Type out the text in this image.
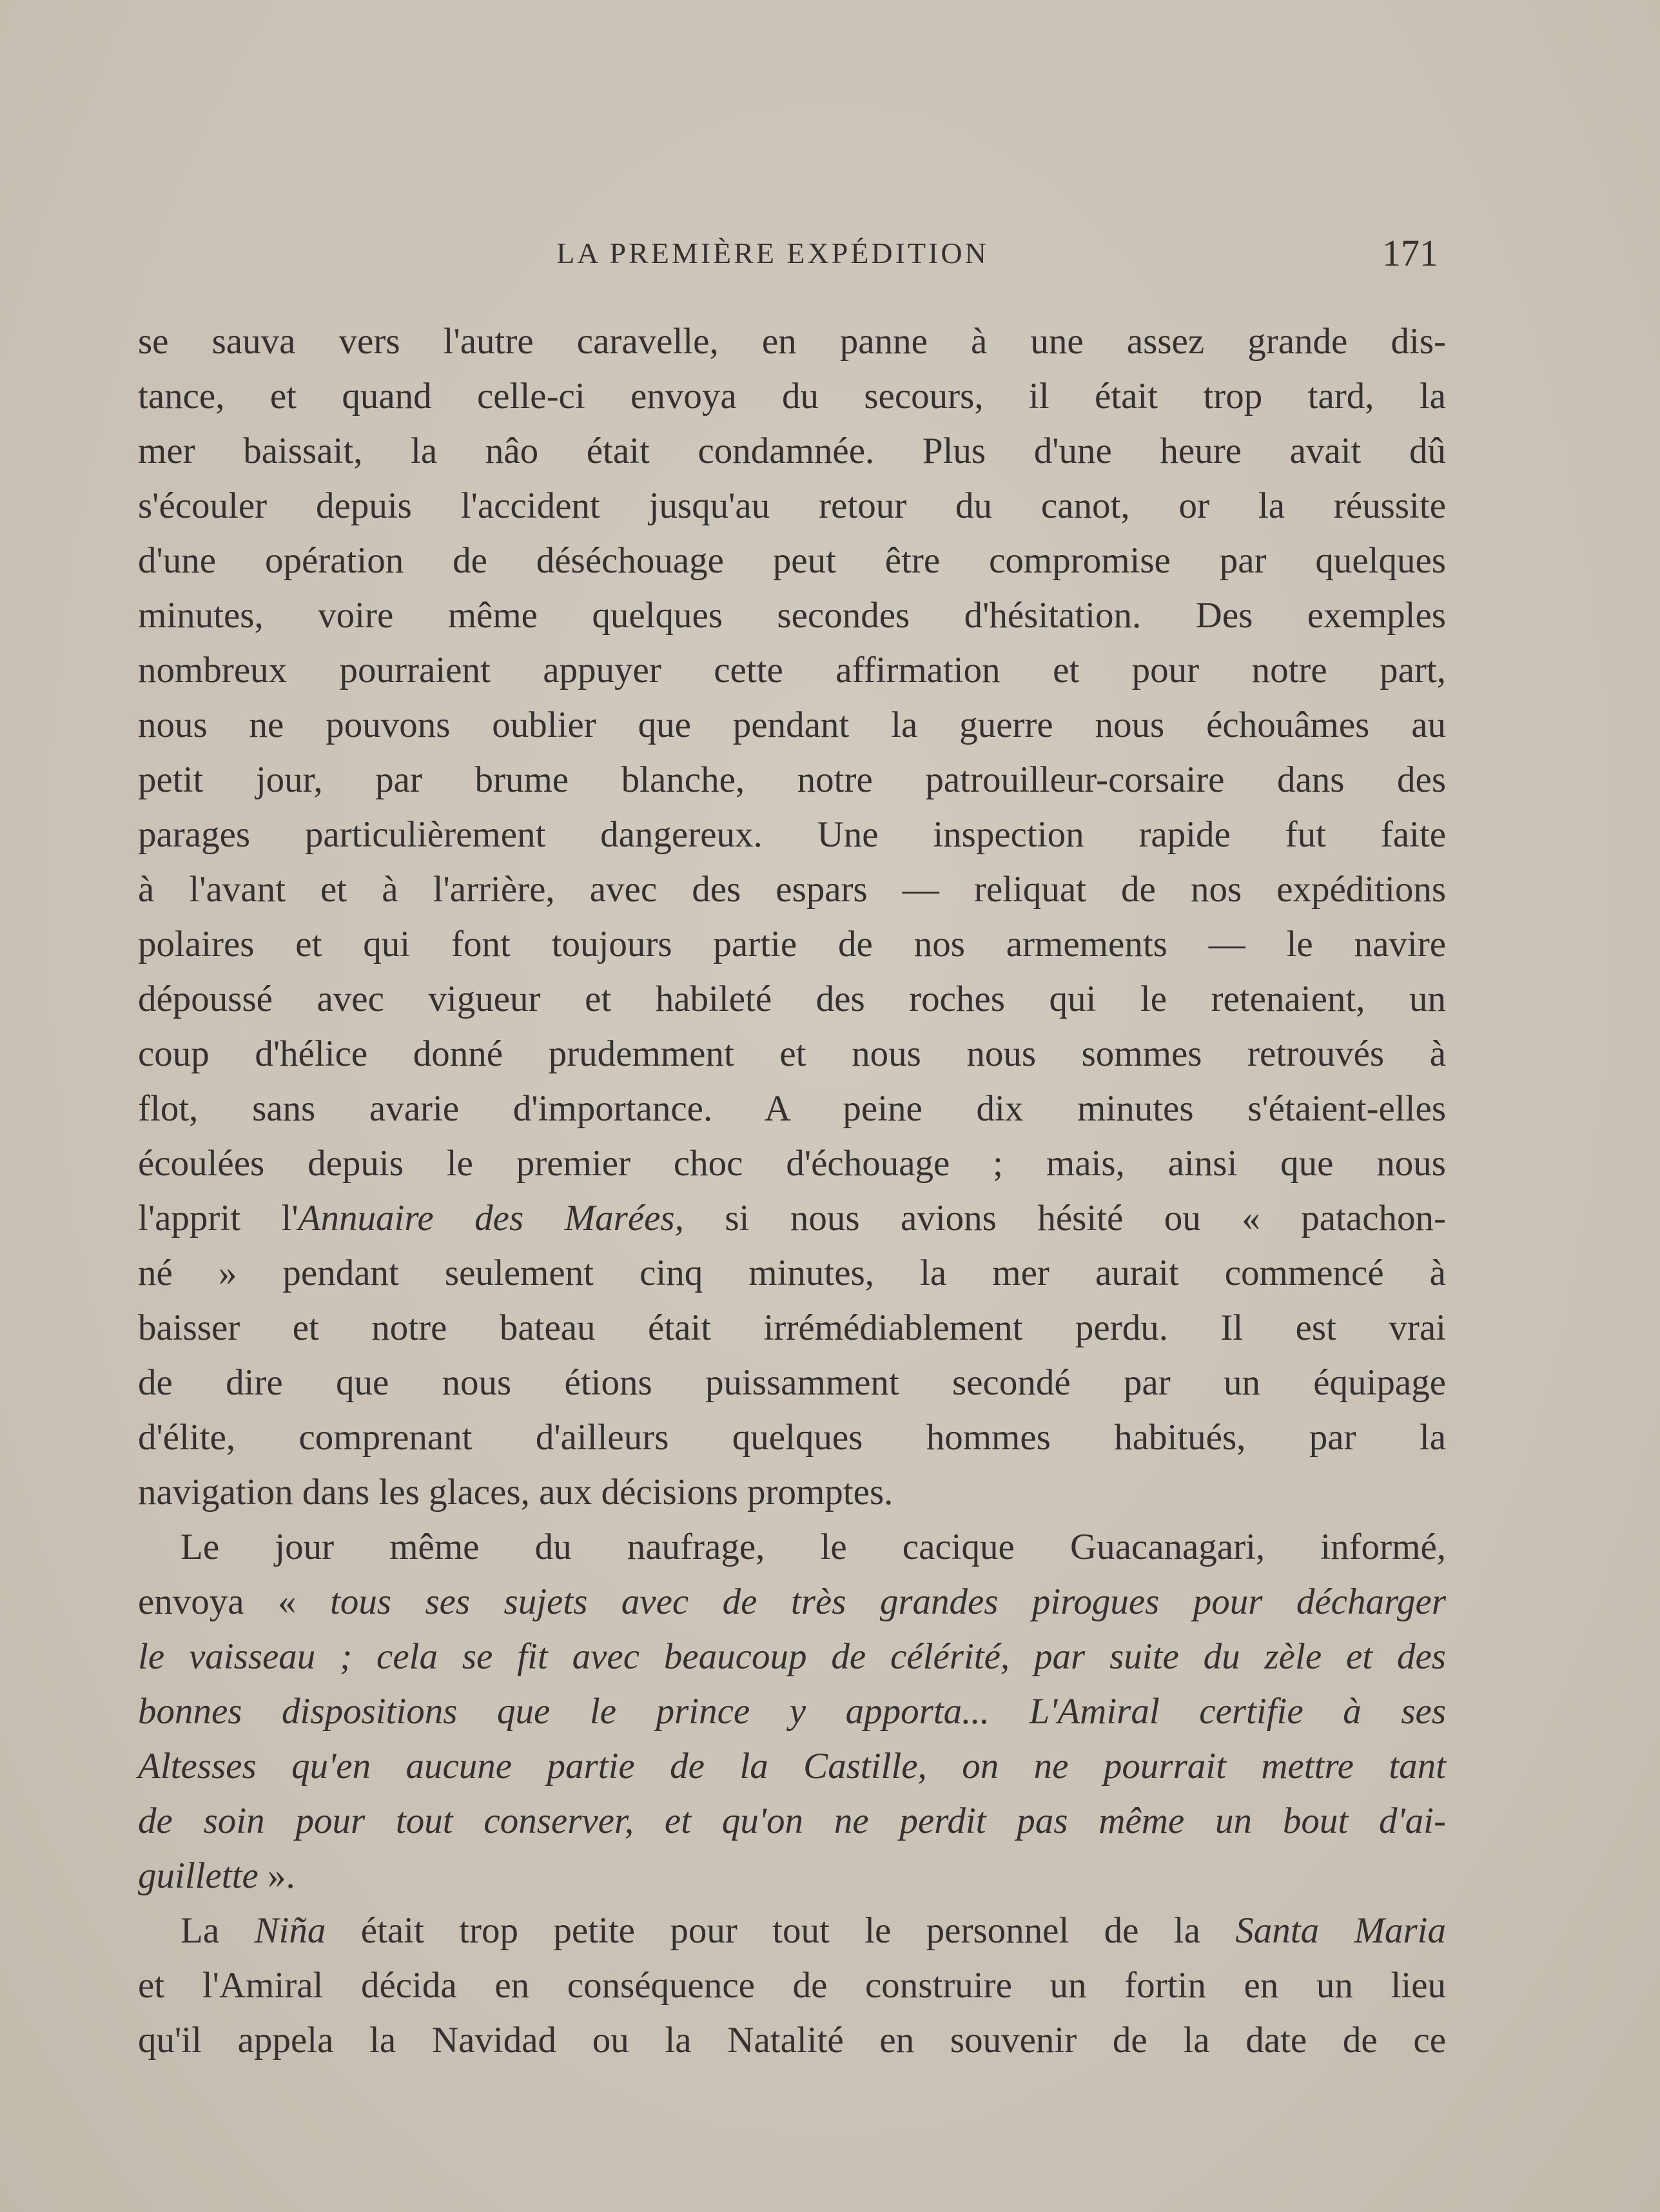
LA PREMIÈRE EXPÉDITION	171
se sauva vers l'autre caravelle, en panne à une assez grande dis-
tance, et quand celle-ci envoya du secours, il était trop tard, la
mer baissait, la nâo était condamnée. Plus d'une heure avait dû
s'écouler depuis l'accident jusqu'au retour du canot, or la réussite
d'une opération de déséchouage peut être compromise par quelques
minutes, voire même quelques secondes d'hésitation. Des exemples
nombreux pourraient appuyer cette affirmation et pour notre part,
nous ne pouvons oublier que pendant la guerre nous échouâmes au
petit jour, par brume blanche, notre patrouilleur-corsaire dans des
parages particulièrement dangereux. Une inspection rapide fut faite
à l'avant et à l'arrière, avec des espars — reliquat de nos expéditions
polaires et qui font toujours partie de nos armements — le navire
dépoussé avec vigueur et habileté des roches qui le retenaient, un
coup d'hélice donné prudemment et nous nous sommes retrouvés à
flot, sans avarie d'importance. A peine dix minutes s'étaient-elles
écoulées depuis le premier choc d'échouage ; mais, ainsi que nous
l'apprit l'Annuaire des Marées, si nous avions hésité ou « patachon-
né » pendant seulement cinq minutes, la mer aurait commencé à
baisser et notre bateau était irrémédiablement perdu. Il est vrai
de dire que nous étions puissamment secondé par un équipage
d'élite, comprenant d'ailleurs quelques hommes habitués, par la
navigation dans les glaces, aux décisions promptes.
Le jour même du naufrage, le cacique Guacanagari, informé,
envoya « tous ses sujets avec de très grandes pirogues pour décharger
le vaisseau ; cela se fit avec beaucoup de célérité, par suite du zèle et des
bonnes dispositions que le prince y apporta... L'Amiral certifie à ses
Altesses qu'en aucune partie de la Castille, on ne pourrait mettre tant
de soin pour tout conserver, et qu'on ne perdit pas même un bout d'ai-
guillette ».
La Niña était trop petite pour tout le personnel de la Santa Maria
et l'Amiral décida en conséquence de construire un fortin en un lieu
qu'il appela la Navidad ou la Natalité en souvenir de la date de ce
